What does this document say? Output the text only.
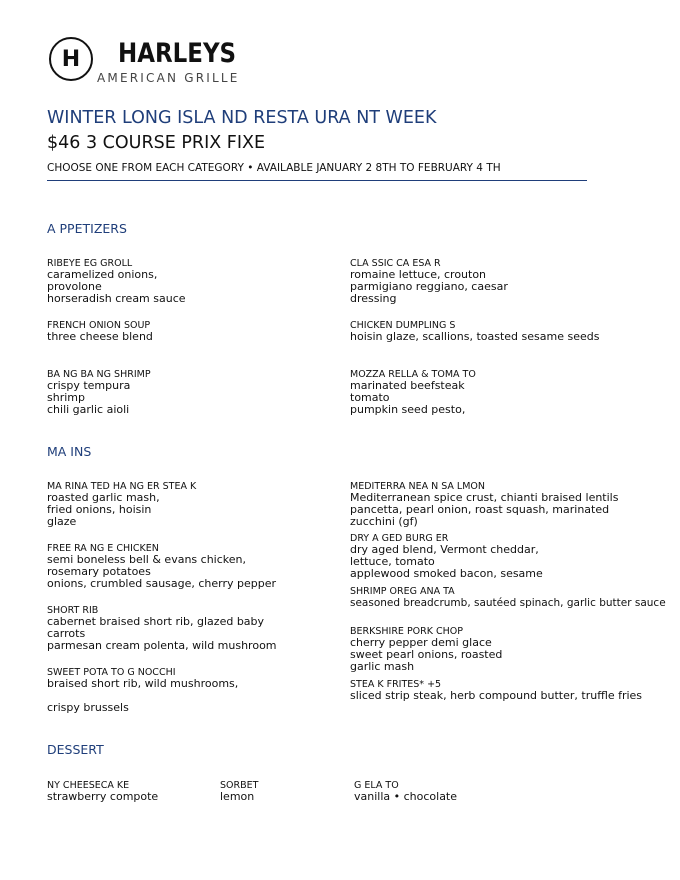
H	HARLEYS
AMERICAN GRILLE
WINTER LONG ISLA ND RESTA URA NT WEEK
$46 3 COURSE PRIX FIXE
CHOOSE ONE FROM EACH CATEGORY • AVAILABLE JANUARY 2 8TH TO FEBRUARY 4 TH
A PPETIZERS
RIBEYE EG GROLL
caramelized onions,
provolone
horseradish cream sauce
CLA SSIC CA ESA R
romaine lettuce, crouton
parmigiano reggiano, caesar
dressing
FRENCH ONION SOUP
three cheese blend
CHICKEN DUMPLING S
hoisin glaze, scallions, toasted sesame seeds
BA NG BA NG SHRIMP
crispy tempura
shrimp
chili garlic aioli
MOZZA RELLA & TOMA TO
marinated beefsteak
tomato
pumpkin seed pesto,
MA INS
MA RINA TED HA NG ER STEA K
roasted garlic mash,
fried onions, hoisin
glaze
MEDITERRA NEA N SA LMON
Mediterranean spice crust, chianti braised lentils
pancetta, pearl onion, roast squash, marinated
zucchini (gf)
DRY A GED BURG ER
dry aged blend, Vermont cheddar,
lettuce, tomato
applewood smoked bacon, sesame
FREE RA NG E CHICKEN
semi boneless bell & evans chicken,
rosemary potatoes
onions, crumbled sausage, cherry pepper
SHRIMP OREG ANA TA
seasoned breadcrumb, sautéed spinach, garlic butter sauce
SHORT RIB
cabernet braised short rib, glazed baby
carrots
parmesan cream polenta, wild mushroom
BERKSHIRE PORK CHOP
cherry pepper demi glace
sweet pearl onions, roasted
garlic mash
SWEET POTA TO G NOCCHI
braised short rib, wild mushrooms,
crispy brussels
STEA K FRITES* +5
sliced strip steak, herb compound butter, truffle fries
DESSERT
NY CHEESECA KE
strawberry compote
SORBET
lemon
G ELA TO
vanilla • chocolate
